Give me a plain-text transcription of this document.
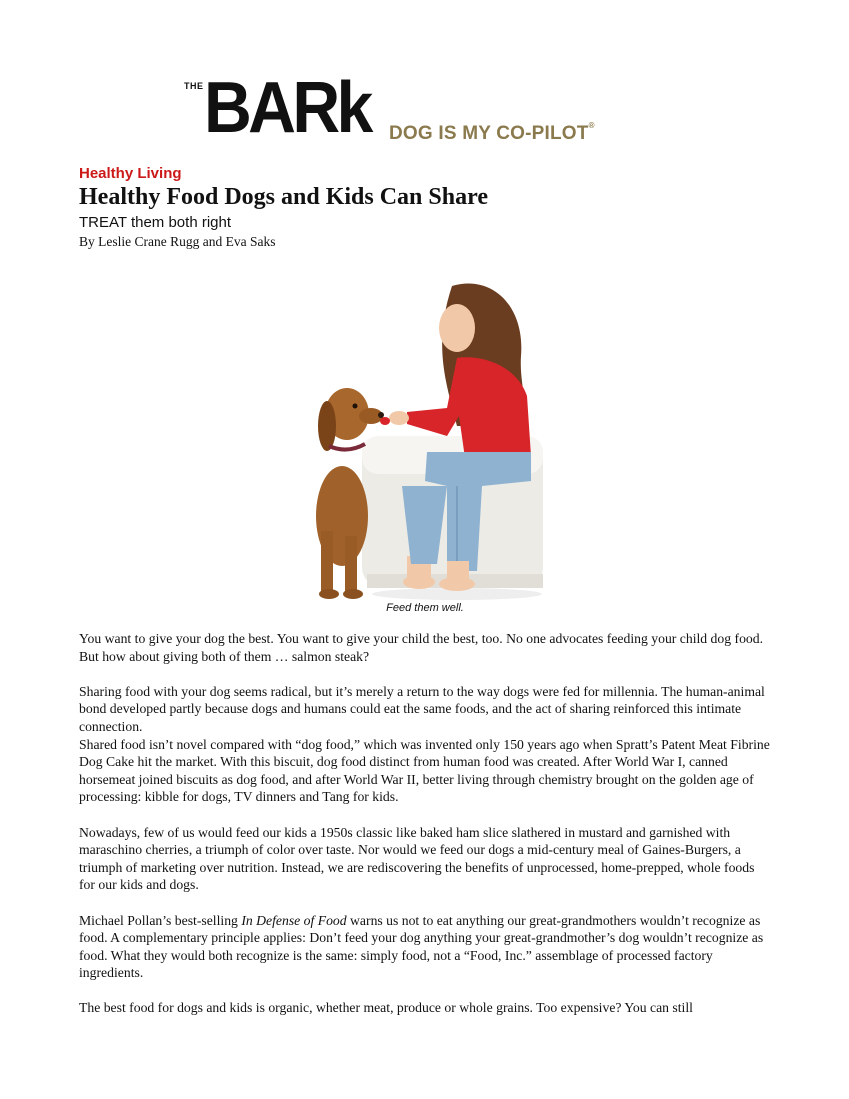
THE BARk DOG IS MY CO-PILOT®
Healthy Living
Healthy Food Dogs and Kids Can Share
TREAT them both right
By Leslie Crane Rugg and Eva Saks
Feed them well.

You want to give your dog the best. You want to give your child the best, too. No one advocates feeding your child dog food. But how about giving both of them … salmon steak?

Sharing food with your dog seems radical, but it’s merely a return to the way dogs were fed for millennia. The human-animal bond developed partly because dogs and humans could eat the same foods, and the act of sharing reinforced this intimate connection.

Shared food isn’t novel compared with “dog food,” which was invented only 150 years ago when Spratt’s Patent Meat Fibrine Dog Cake hit the market. With this biscuit, dog food distinct from human food was created. After World War I, canned horsemeat joined biscuits as dog food, and after World War II, better living through chemistry brought on the golden age of processing: kibble for dogs, TV dinners and Tang for kids.

Nowadays, few of us would feed our kids a 1950s classic like baked ham slice slathered in mustard and garnished with maraschino cherries, a triumph of color over taste. Nor would we feed our dogs a mid-century meal of Gaines-Burgers, a triumph of marketing over nutrition. Instead, we are rediscovering the benefits of unprocessed, home-prepped, whole foods for our kids and dogs.

Michael Pollan’s best-selling In Defense of Food warns us not to eat anything our great-grandmothers wouldn’t recognize as food. A complementary principle applies: Don’t feed your dog anything your great-grandmother’s dog wouldn’t recognize as food. What they would both recognize is the same: simply food, not a “Food, Inc.” assemblage of processed factory ingredients.

The best food for dogs and kids is organic, whether meat, produce or whole grains. Too expensive? You can still
